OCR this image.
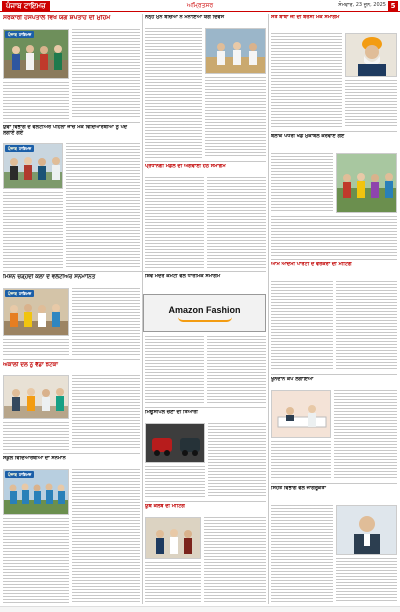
ਪੰਜਾਬ ਟਾਇਮਜ਼	ਅਮ੍ਰਿਤਸਰ	ਸੋਮਵਾਰ, 23 ਜੂਨ, 2025 5
ਸਰਕਾਰੀ ਹਸਪਤਾਲ ਵਿਖੇ ਯੋਗ ਸ਼ਪਤਾਹ ਦੀ ਮੁਹਿੰਮ
ਪੰਜਾਬ ਟਾਇਮਜ਼
ਯੁਵਾ ਵਿਭਾਗ ਦੇ ਵਲੰਟੀਅਰ ਪਹਿਲਾਂ ਜਾਂਚ ਮੌਕੇ ਵਿਦਿਆਰਥੀਆਂ ਨੂੰ ਪੌਦੇ ਲਗਾਏ ਗਏ
ਪੰਜਾਬ ਟਾਇਮਜ਼
ਮਿਸ਼ਨ ਚੜ੍ਹਦੀ ਕਲਾ ਦੇ ਵਲੰਟੀਅਰ ਸਨਮਾਨਿਤ
ਪੰਜਾਬ ਟਾਇਮਜ਼
ਅਕਾਲੀ ਦਲ ਨੂੰ ਵੱਡਾ ਝਟਕਾ
ਸਕੂਲ ਵਿਦਿਆਰਥੀਆਂ ਦਾ ਸਨਮਾਨ
ਪੰਜਾਬ ਟਾਇਮਜ਼
ਨੰਨ੍ਹੇ ਮੁੰਨੇ ਬੱਚਿਆਂ ਨੇ ਮਨਾਇਆ ਯੋਗ ਦਿਵਸ
ਪ੍ਰਧਾਨਗੀ ਮੰਡਲ ਦੀ ਅਗਵਾਈ ਹੇਠ ਸਮਾਗਮ
ਸ਼ਿਵ ਮੰਦਰ ਕਮੇਟੀ ਵੱਲੋਂ ਧਾਰਮਿਕ ਸਮਾਗਮ
Amazon Fashion
ਮਿਊਂਸੀਪਲ ਚੋਣਾਂ ਦੀ ਤਿਆਰੀ
ਯੂਥ ਕਲੱਬ ਦੀ ਮੀਟਿੰਗ
ਸੰਤ ਬਾਬਾ ਜੀ ਦੀ ਬਰਸੀ ਮੌਕੇ ਸਮਾਗਮ
ਬਲਾਕ ਪੱਧਰੀ ਖੇਡ ਮੁਕਾਬਲੇ ਕਰਵਾਏ ਗਏ
ਆਮ ਆਦਮੀ ਪਾਰਟੀ ਦੇ ਵਰਕਰਾਂ ਦੀ ਮੀਟਿੰਗ
ਖੂਨਦਾਨ ਕੈਂਪ ਲਗਾਇਆ
ਸਿਹਤ ਵਿਭਾਗ ਵੱਲੋਂ ਜਾਗਰੂਕਤਾ
